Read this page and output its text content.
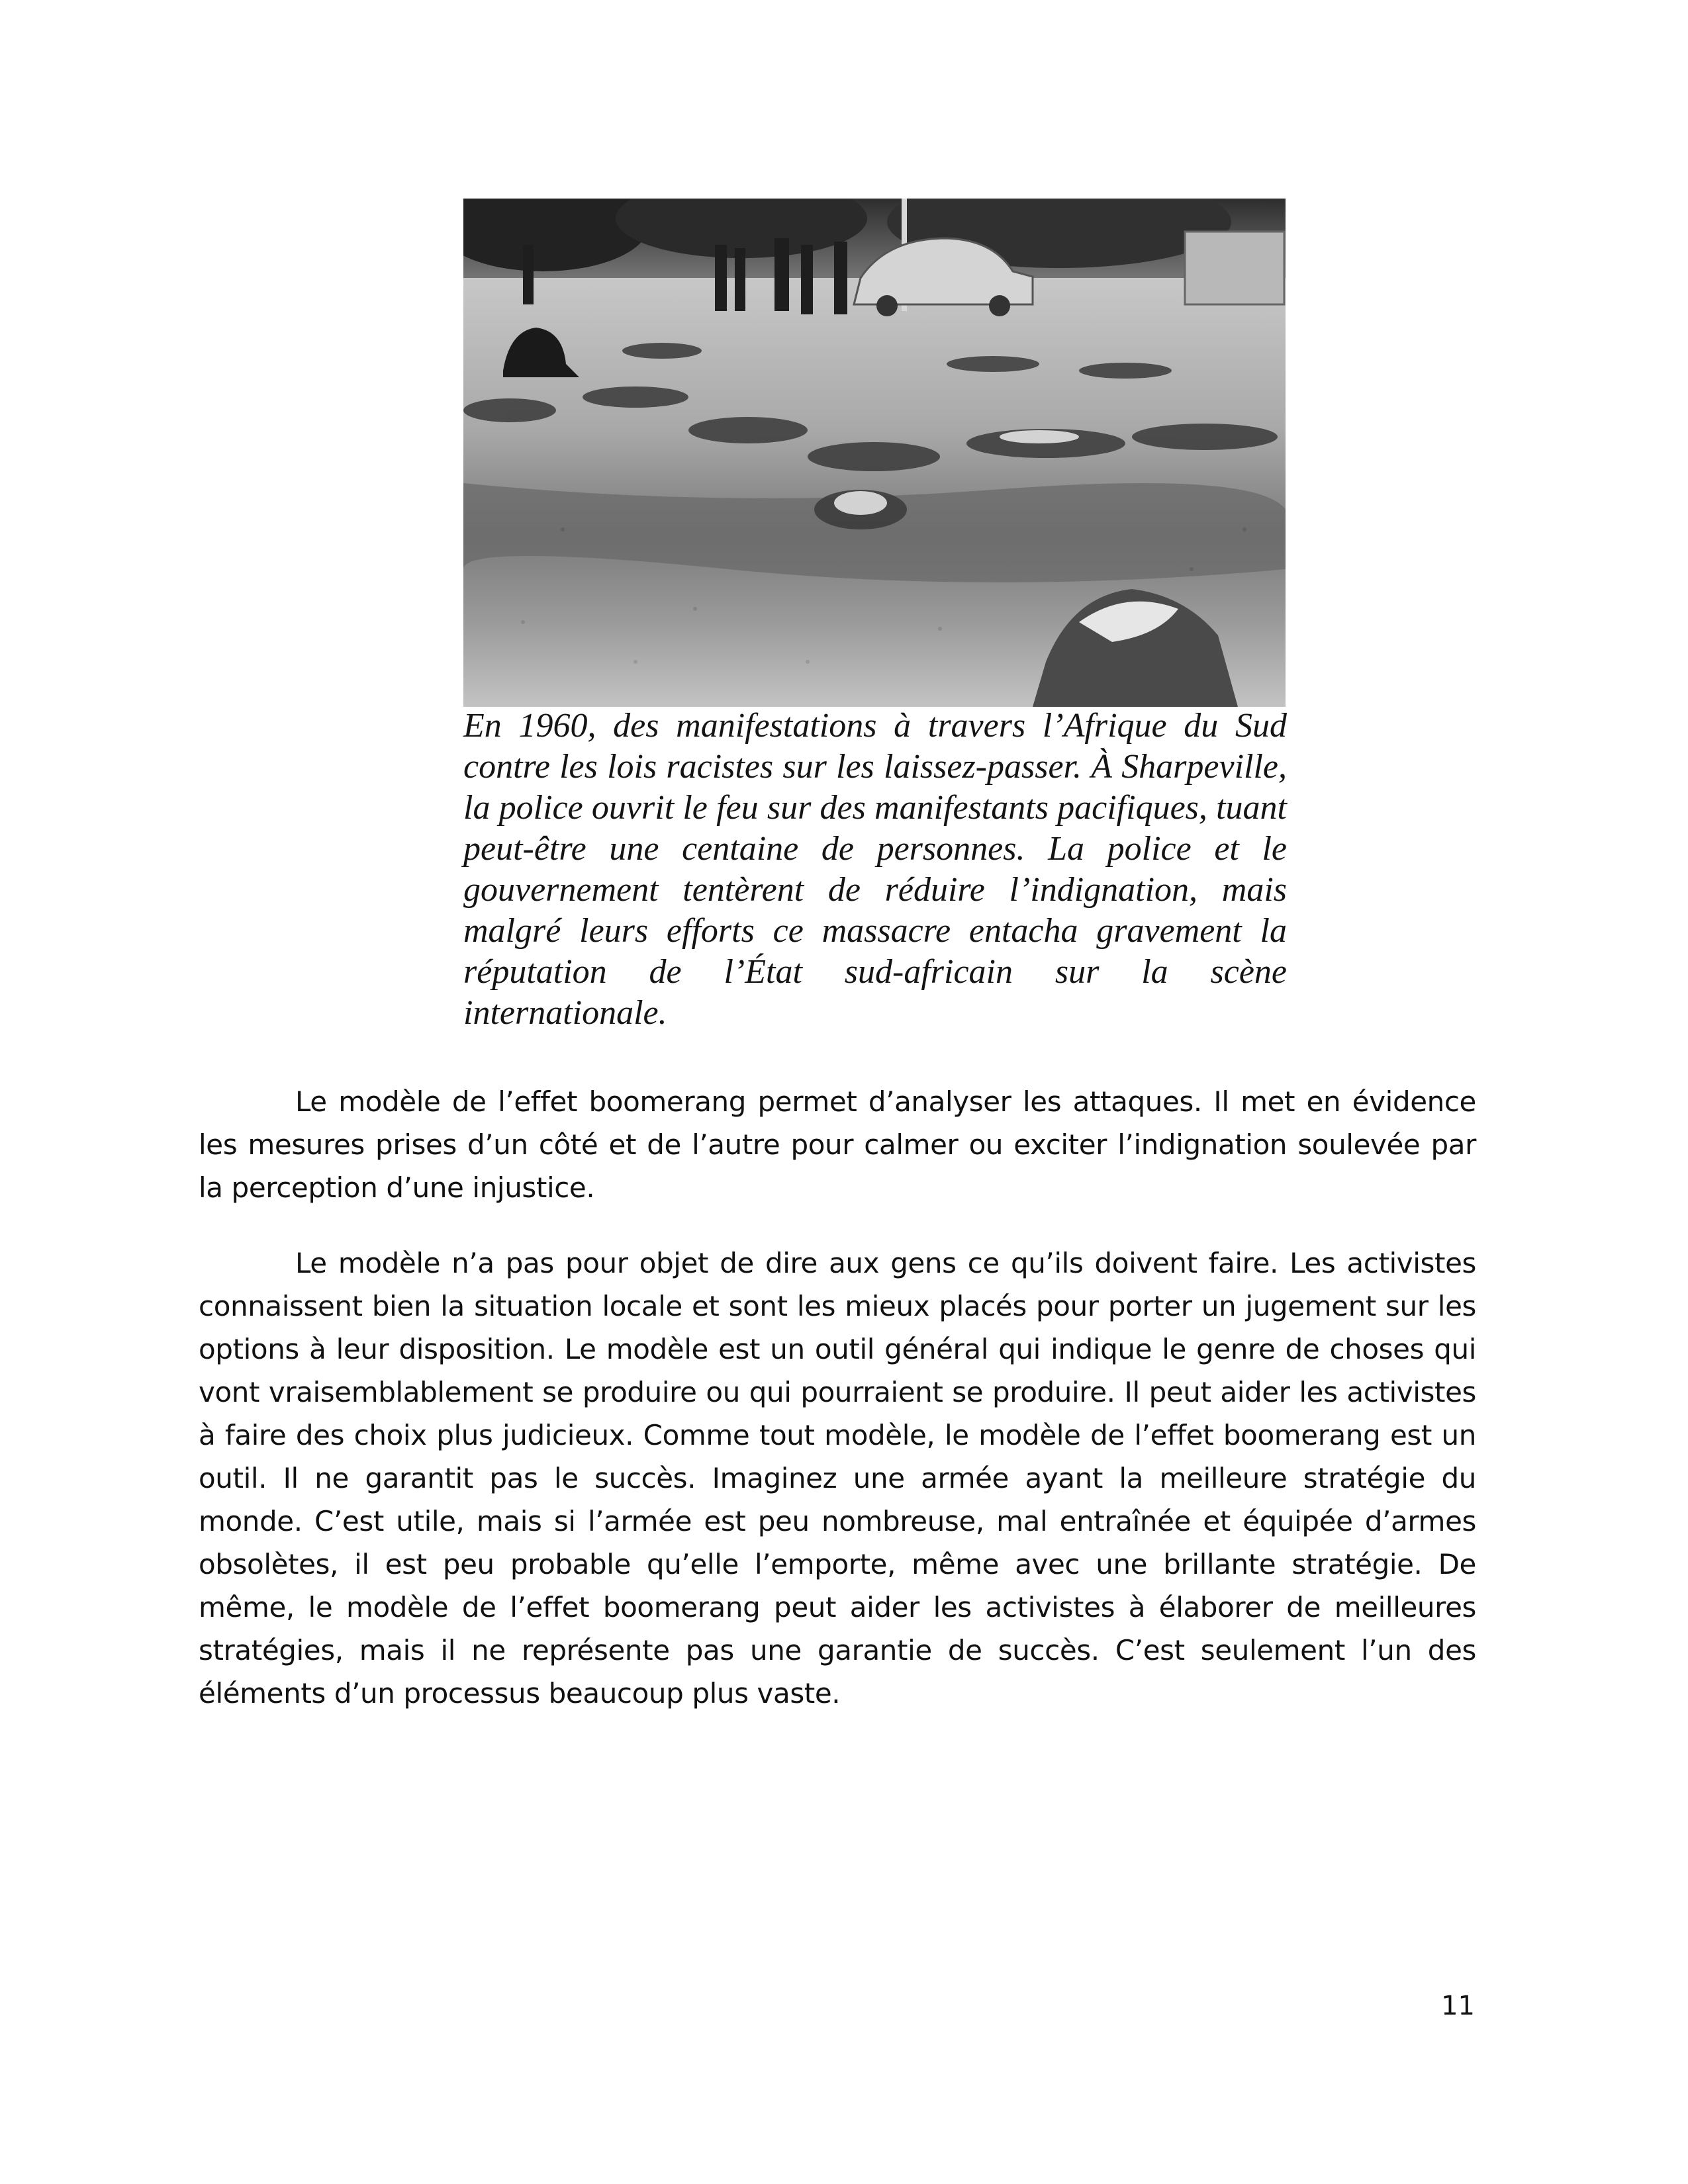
En 1960, des manifestations à travers l’Afrique du Sud contre les lois racistes sur les laissez-passer. À Sharpeville, la police ouvrit le feu sur des manifestants pacifiques, tuant peut-être une centaine de personnes. La police et le gouvernement tentèrent de réduire l’indignation, mais malgré leurs efforts ce massacre entacha gravement la réputation de l’État sud-africain sur la scène internationale.

Le modèle de l’effet boomerang permet d’analyser les attaques. Il met en évidence les mesures prises d’un côté et de l’autre pour calmer ou exciter l’indignation soulevée par la perception d’une injustice.

Le modèle n’a pas pour objet de dire aux gens ce qu’ils doivent faire. Les activistes connaissent bien la situation locale et sont les mieux placés pour porter un jugement sur les options à leur disposition. Le modèle est un outil général qui indique le genre de choses qui vont vraisemblablement se produire ou qui pourraient se produire. Il peut aider les activistes à faire des choix plus judicieux. Comme tout modèle, le modèle de l’effet boomerang est un outil. Il ne garantit pas le succès. Imaginez une armée ayant la meilleure stratégie du monde. C’est utile, mais si l’armée est peu nombreuse, mal entraînée et équipée d’armes obsolètes, il est peu probable qu’elle l’emporte, même avec une brillante stratégie. De même, le modèle de l’effet boomerang peut aider les activistes à élaborer de meilleures stratégies, mais il ne représente pas une garantie de succès. C’est seulement l’un des éléments d’un processus beaucoup plus vaste.

11
